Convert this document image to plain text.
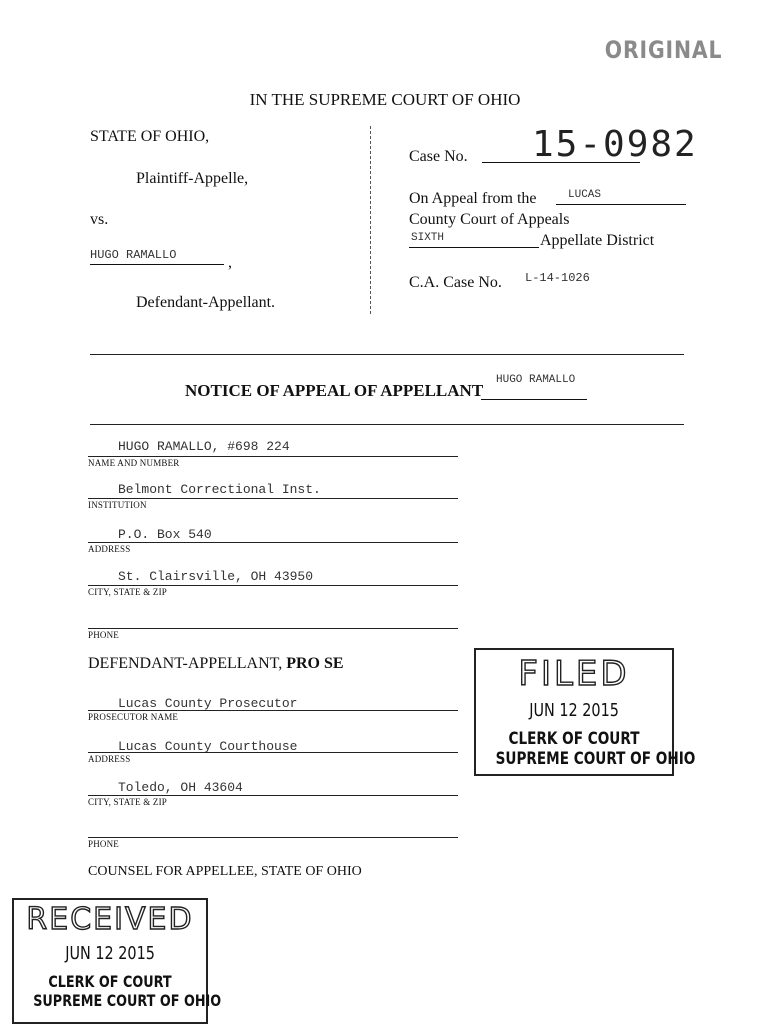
ORIGINAL
IN THE SUPREME COURT OF OHIO
STATE OF OHIO,
Plaintiff-Appelle,
vs.
HUGO RAMALLO	,
Defendant-Appellant.
Case No. 15-0982
On Appeal from the	LUCAS
County Court of Appeals
SIXTH	Appellate District
C.A. Case No. L-14-1026
NOTICE OF APPEAL OF APPELLANT
HUGO RAMALLO
HUGO RAMALLO, #698 224
NAME AND NUMBER
Belmont Correctional Inst.
INSTITUTION
P.O. Box 540
ADDRESS
St. Clairsville, OH 43950
CITY, STATE & ZIP
PHONE
DEFENDANT-APPELLANT, PRO SE
Lucas County Prosecutor
PROSECUTOR NAME
Lucas County Courthouse
ADDRESS
Toledo, OH 43604
CITY, STATE & ZIP
PHONE
COUNSEL FOR APPELLEE, STATE OF OHIO
FILED
JUN 12 2015
CLERK OF COURT
SUPREME COURT OF OHIO
RECEIVED
JUN 12 2015
CLERK OF COURT
SUPREME COURT OF OHIO
